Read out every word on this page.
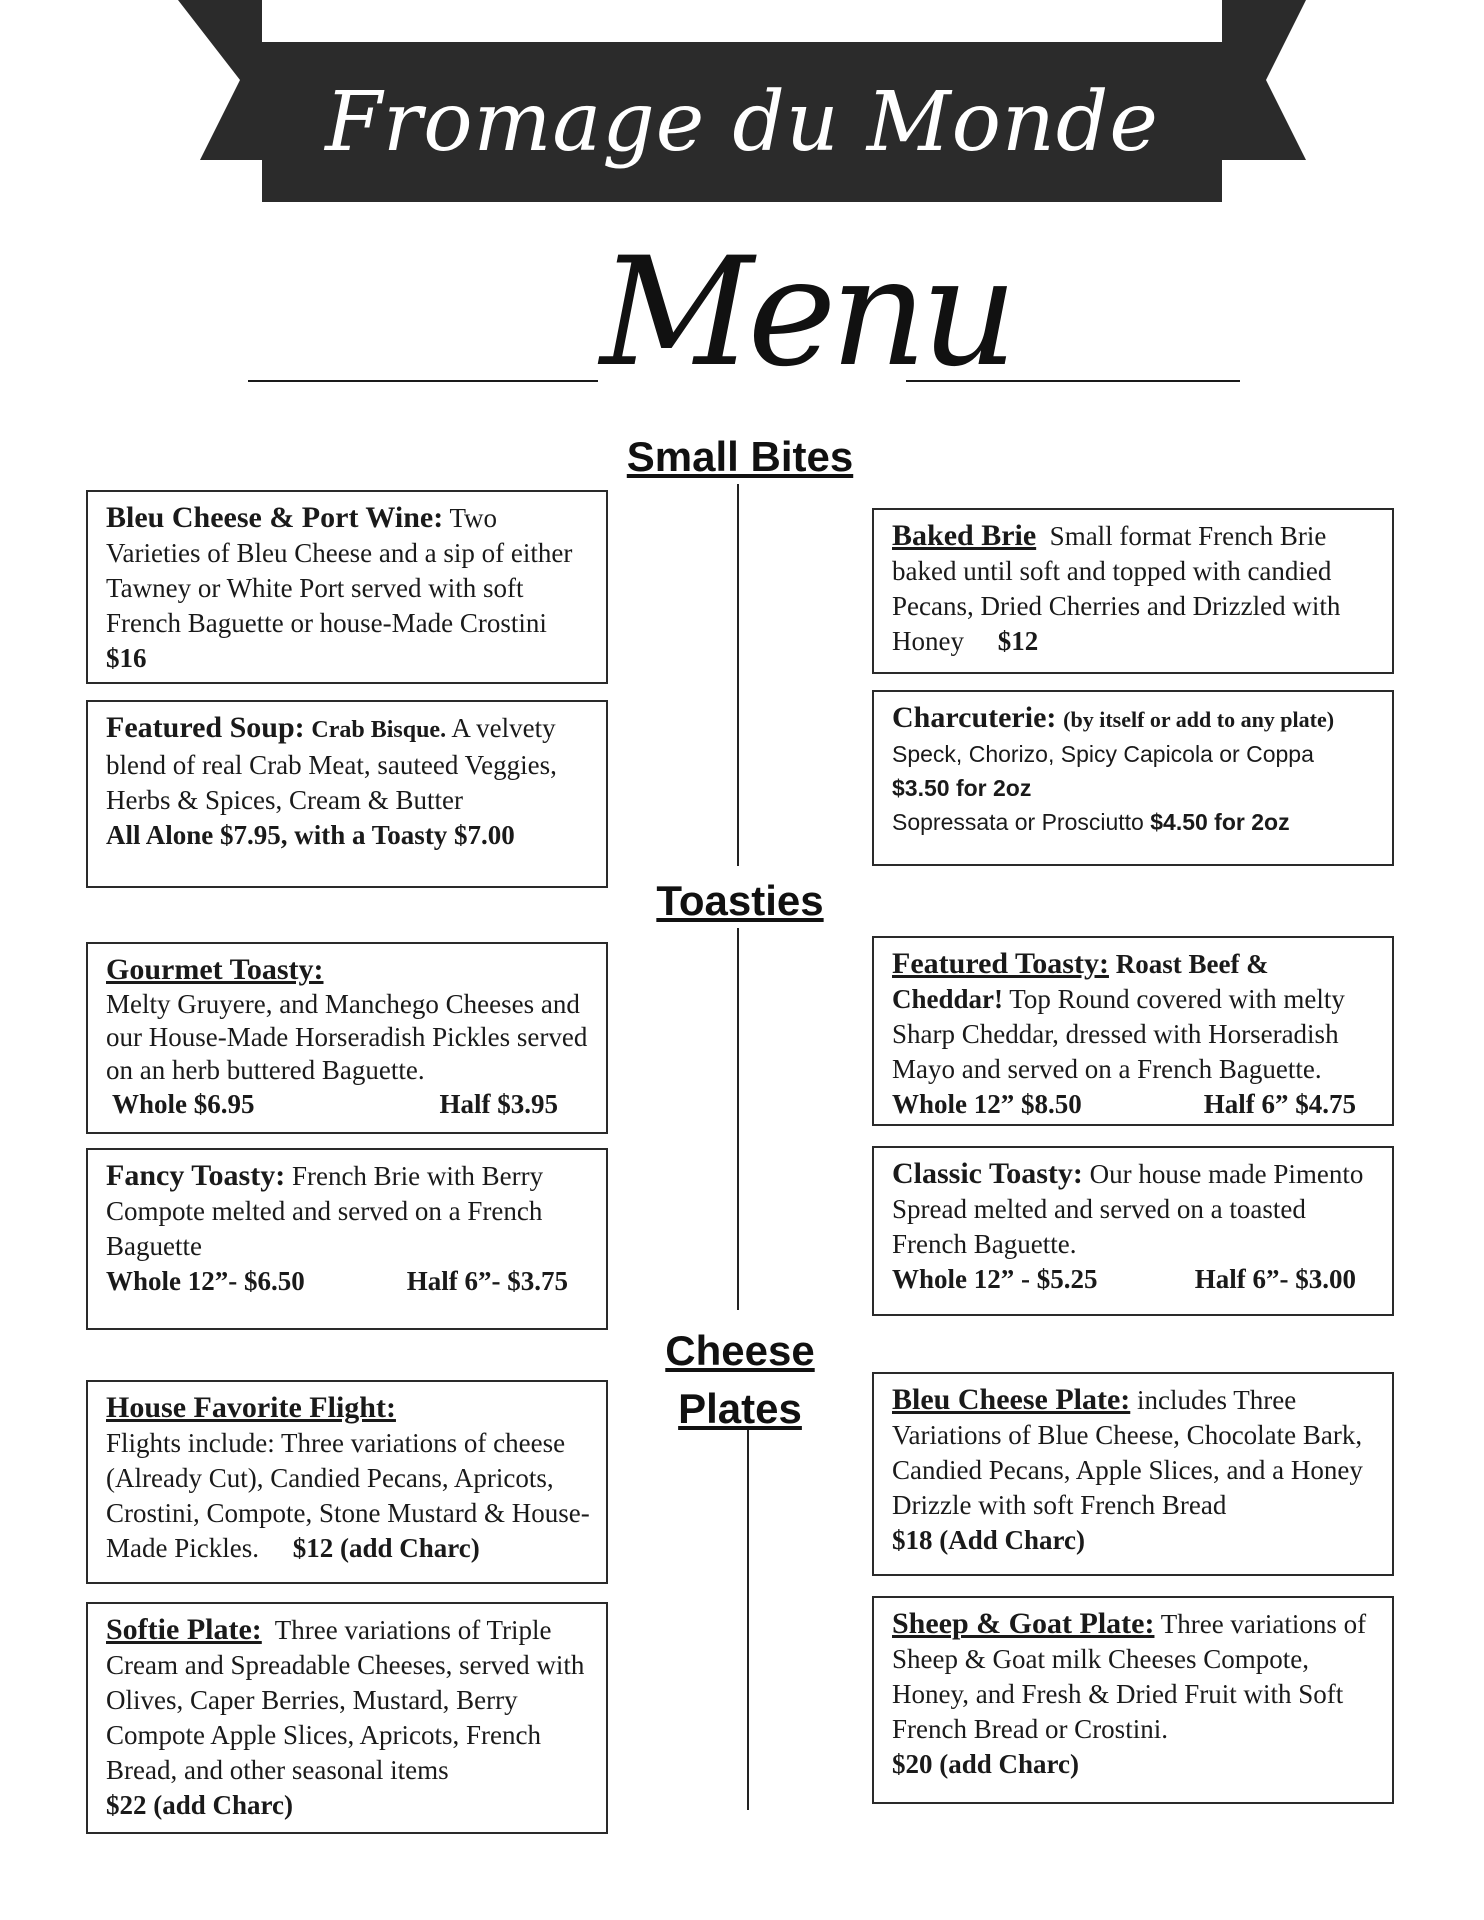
Fromage du Monde
Menu
Small Bites
Bleu Cheese & Port Wine: Two Varieties of Bleu Cheese and a sip of either Tawney or White Port served with soft French Baguette or house-Made Crostini      $16
Baked Brie Small format French Brie baked until soft and topped with candied Pecans, Dried Cherries and Drizzled with Honey $12
Featured Soup: Crab Bisque. A velvety blend of real Crab Meat, sauteed Veggies, Herbs & Spices, Cream & Butter
All Alone $7.95, with a Toasty $7.00
Charcuterie: (by itself or add to any plate)
Speck, Chorizo, Spicy Capicola or Coppa
$3.50 for 2oz
Sopressata or Prosciutto $4.50 for 2oz
Toasties
Gourmet Toasty:
Melty Gruyere, and Manchego Cheeses and our House-Made Horseradish Pickles served on an herb buttered Baguette.
Whole $6.95	Half $3.95
Featured Toasty: Roast Beef & Cheddar! Top Round covered with melty Sharp Cheddar, dressed with Horseradish Mayo and served on a French Baguette.
Whole 12” $8.50	Half 6” $4.75
Fancy Toasty: French Brie with Berry Compote melted and served on a French Baguette
Whole 12”- $6.50	Half 6”- $3.75
Classic Toasty: Our house made Pimento Spread melted and served on a toasted French Baguette.
Whole 12” - $5.25	Half 6”- $3.00
Cheese
Plates
House Favorite Flight:
Flights include: Three variations of cheese (Already Cut), Candied Pecans, Apricots, Crostini, Compote, Stone Mustard & House-Made Pickles. $12 (add Charc)
Bleu Cheese Plate: includes Three Variations of Blue Cheese, Chocolate Bark, Candied Pecans, Apple Slices, and a Honey Drizzle with soft French Bread
$18 (Add Charc)
Softie Plate: Three variations of Triple Cream and Spreadable Cheeses, served with Olives, Caper Berries, Mustard, Berry Compote Apple Slices, Apricots, French Bread, and other seasonal items
$22 (add Charc)
Sheep & Goat Plate: Three variations of Sheep & Goat milk Cheeses Compote, Honey, and Fresh & Dried Fruit with Soft French Bread or Crostini.
$20 (add Charc)
